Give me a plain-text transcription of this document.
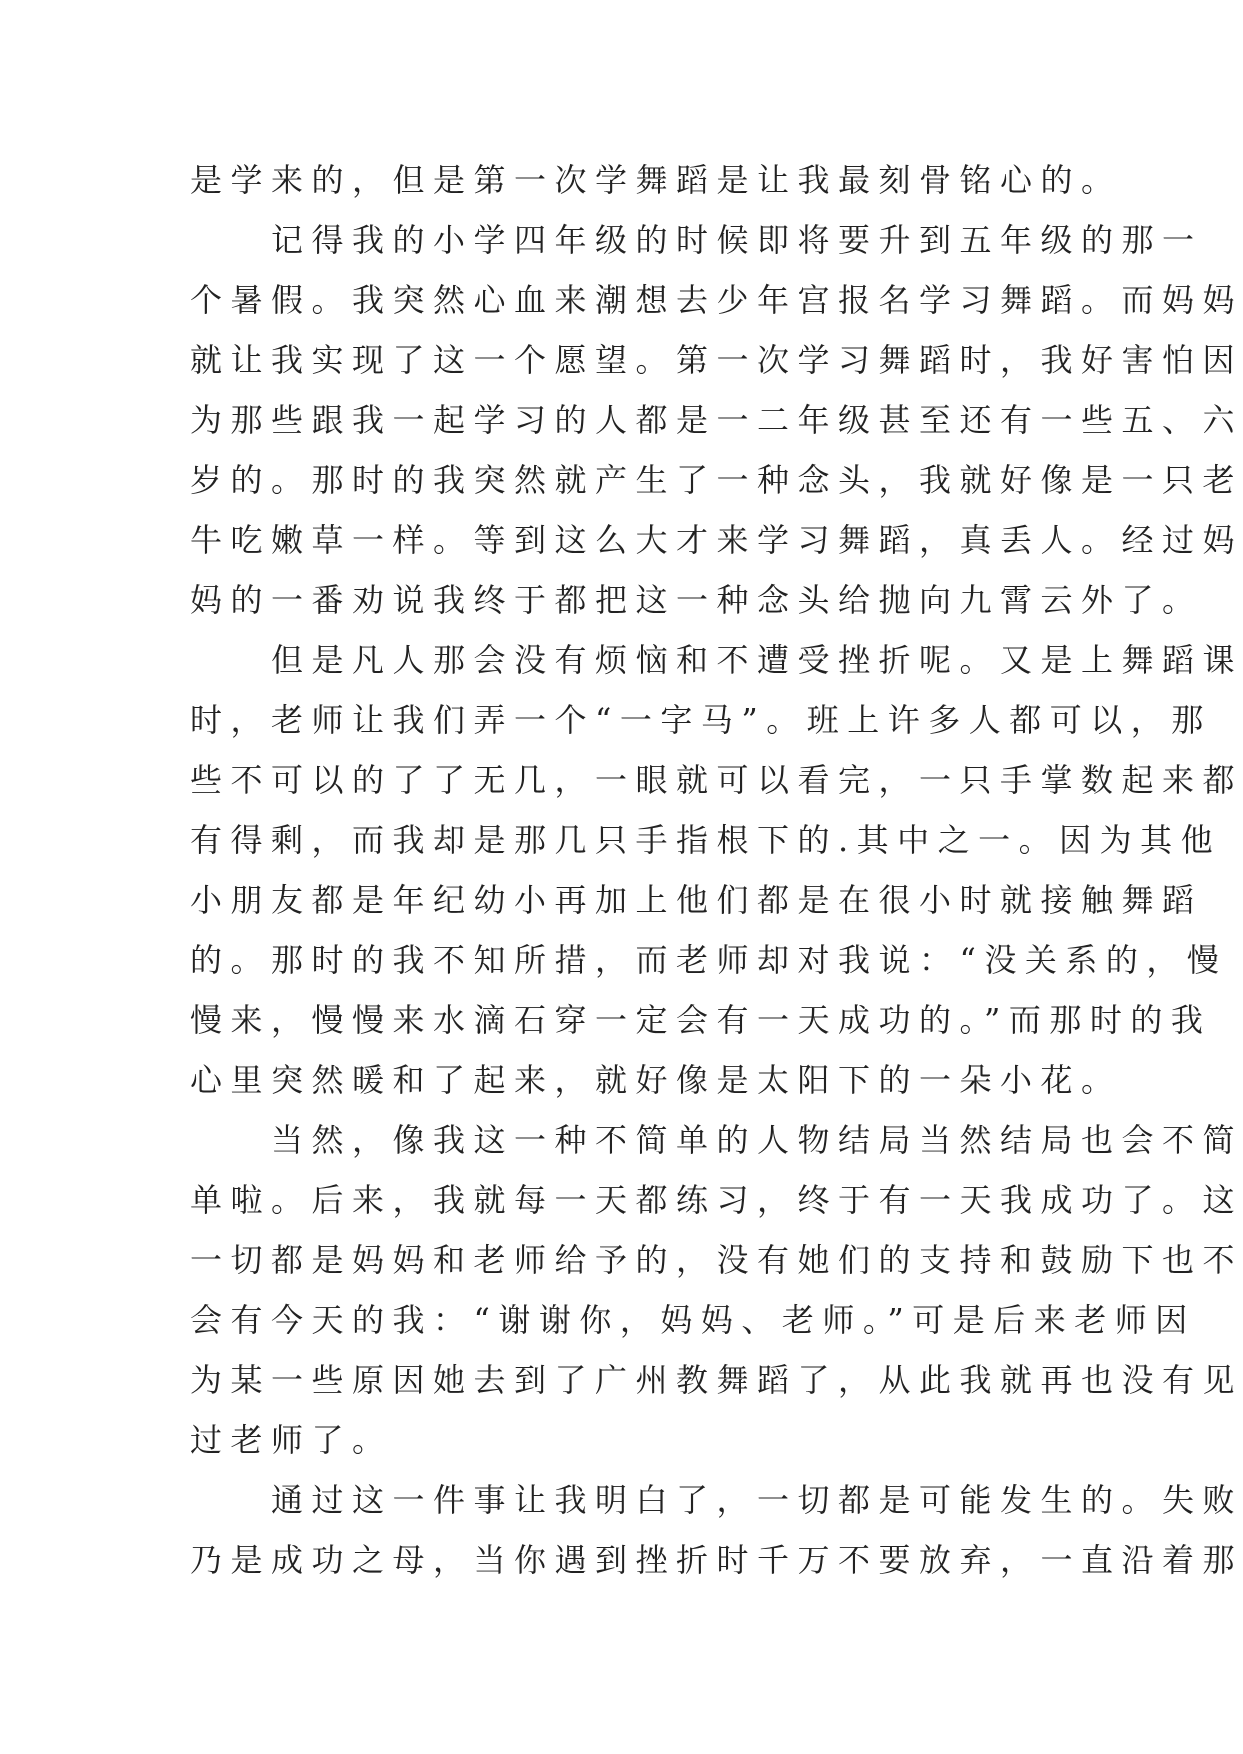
是学来的，但是第一次学舞蹈是让我最刻骨铭心的。
记得我的小学四年级的时候即将要升到五年级的那一
个暑假。我突然心血来潮想去少年宫报名学习舞蹈。而妈妈
就让我实现了这一个愿望。第一次学习舞蹈时，我好害怕因
为那些跟我一起学习的人都是一二年级甚至还有一些五、六
岁的。那时的我突然就产生了一种念头，我就好像是一只老
牛吃嫩草一样。等到这么大才来学习舞蹈，真丢人。经过妈
妈的一番劝说我终于都把这一种念头给抛向九霄云外了。
但是凡人那会没有烦恼和不遭受挫折呢。又是上舞蹈课
时，老师让我们弄一个“一字马”。班上许多人都可以，那
些不可以的了了无几，一眼就可以看完，一只手掌数起来都
有得剩，而我却是那几只手指根下的.其中之一。因为其他
小朋友都是年纪幼小再加上他们都是在很小时就接触舞蹈
的。那时的我不知所措，而老师却对我说：“没关系的，慢
慢来，慢慢来水滴石穿一定会有一天成功的。”而那时的我
心里突然暖和了起来，就好像是太阳下的一朵小花。
当然，像我这一种不简单的人物结局当然结局也会不简
单啦。后来，我就每一天都练习，终于有一天我成功了。这
一切都是妈妈和老师给予的，没有她们的支持和鼓励下也不
会有今天的我：“谢谢你，妈妈、老师。”可是后来老师因
为某一些原因她去到了广州教舞蹈了，从此我就再也没有见
过老师了。
通过这一件事让我明白了，一切都是可能发生的。失败
乃是成功之母，当你遇到挫折时千万不要放弃，一直沿着那
